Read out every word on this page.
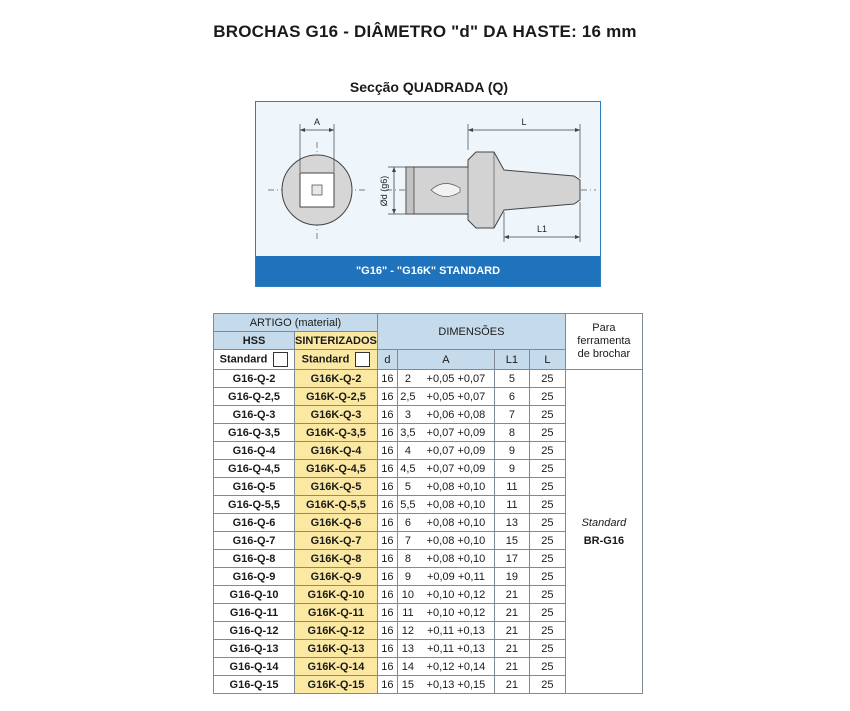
BROCHAS G16 - DIÂMETRO "d" DA HASTE: 16 mm
Secção QUADRADA (Q)
A	L
L1
Ød (g6)
"G16" - "G16K" STANDARD
ARTIGO (material)		DIMENSÕES					Para
ferramenta
de brochar

HSS	SINTERIZADOS						
Standard	Standard	d	A		L1	L	
G16-Q-2	G16K-Q-2	16	2	+0,05 +0,07	5	25	Standard
BR-G16

G16-Q-2,5	G16K-Q-2,5	16	2,5	+0,05 +0,07	6	25	
G16-Q-3	G16K-Q-3	16	3	+0,06 +0,08	7	25	
G16-Q-3,5	G16K-Q-3,5	16	3,5	+0,07 +0,09	8	25	
G16-Q-4	G16K-Q-4	16	4	+0,07 +0,09	9	25	
G16-Q-4,5	G16K-Q-4,5	16	4,5	+0,07 +0,09	9	25	
G16-Q-5	G16K-Q-5	16	5	+0,08 +0,10	11	25	
G16-Q-5,5	G16K-Q-5,5	16	5,5	+0,08 +0,10	11	25	
G16-Q-6	G16K-Q-6	16	6	+0,08 +0,10	13	25	
G16-Q-7	G16K-Q-7	16	7	+0,08 +0,10	15	25	
G16-Q-8	G16K-Q-8	16	8	+0,08 +0,10	17	25	
G16-Q-9	G16K-Q-9	16	9	+0,09 +0,11	19	25	
G16-Q-10	G16K-Q-10	16	10	+0,10 +0,12	21	25	
G16-Q-11	G16K-Q-11	16	11	+0,10 +0,12	21	25	
G16-Q-12	G16K-Q-12	16	12	+0,11 +0,13	21	25	
G16-Q-13	G16K-Q-13	16	13	+0,11 +0,13	21	25	
G16-Q-14	G16K-Q-14	16	14	+0,12 +0,14	21	25	
G16-Q-15	G16K-Q-15	16	15	+0,13 +0,15	21	25	
